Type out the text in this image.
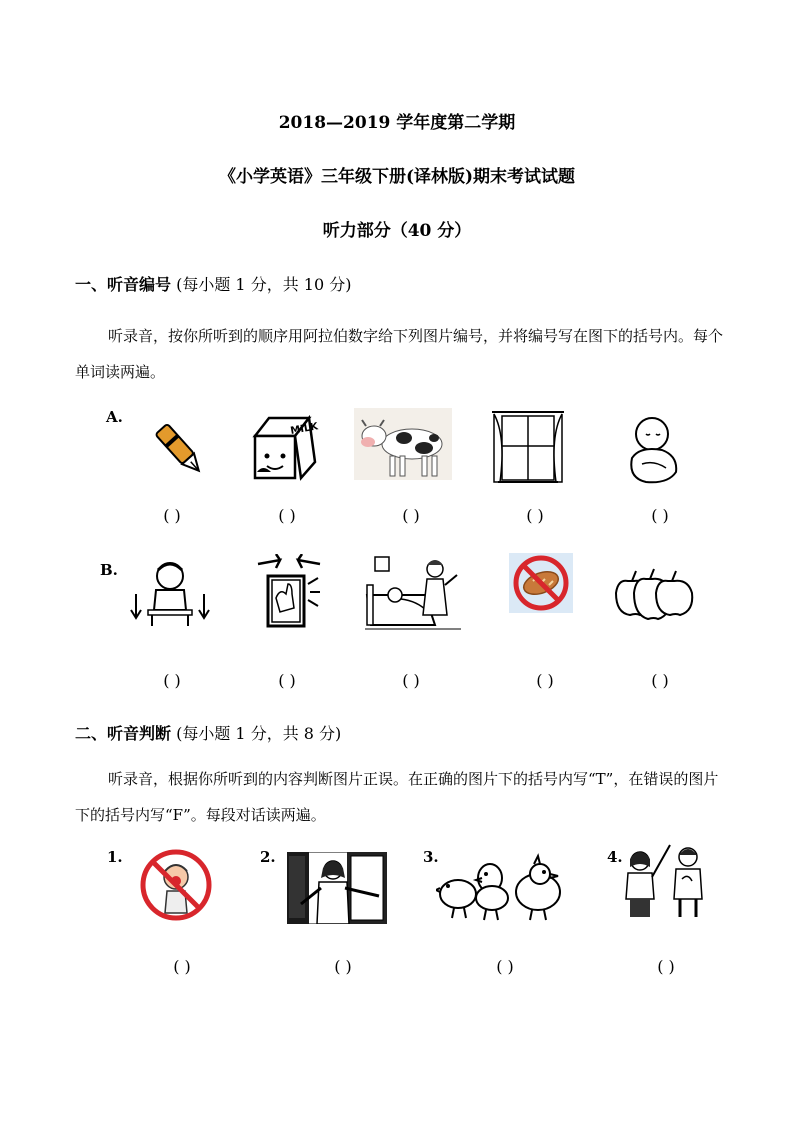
2018—2019 学年度第二学期
《小学英语》三年级下册(译林版)期末考试试题
听力部分（40 分）
一、听音编号 (每小题 1 分，共 10 分)
听录音，按你所听到的顺序用阿拉伯数字给下列图片编号，并将编号写在图下的括号内。每个单词读两遍。
A.
MILK
( )	( )	( )	( )	( )
B.
( )	( )	( )	( )	( )
二、听音判断 (每小题 1 分，共 8 分)
听录音，根据你所听到的内容判断图片正误。在正确的图片下的括号内写“T”，在错误的图片下的括号内写“F”。每段对话读两遍。
1.	2.	3.	4.
( )	( )	( )	( )
